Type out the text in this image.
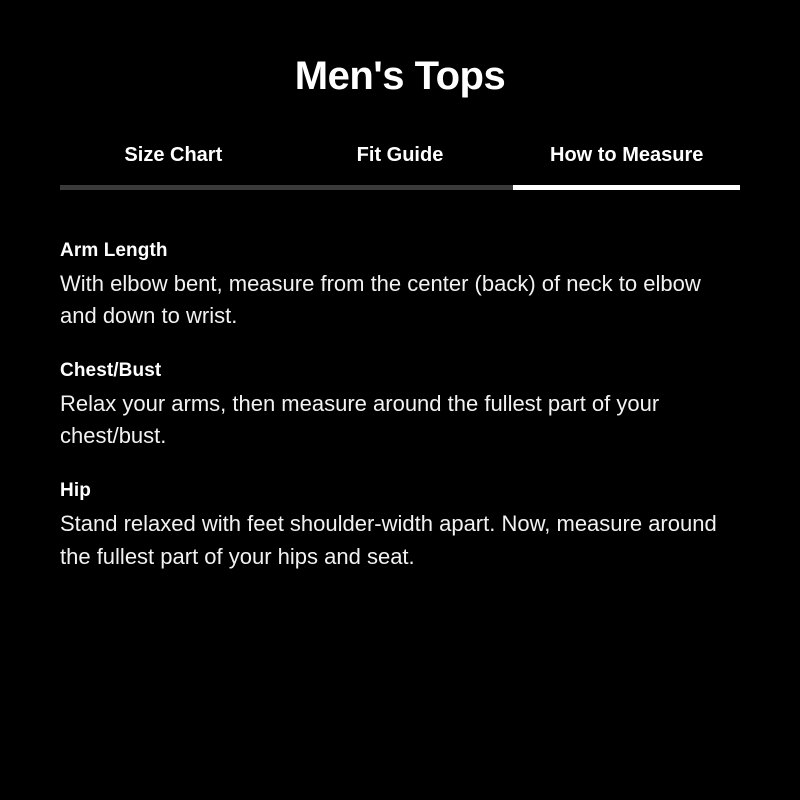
Men's Tops
Size Chart	Fit Guide	How to Measure
Arm Length
With elbow bent, measure from the center (back) of neck to elbow and down to wrist.
Chest/Bust
Relax your arms, then measure around the fullest part of your chest/bust.
Hip
Stand relaxed with feet shoulder-width apart. Now, measure around the fullest part of your hips and seat.
